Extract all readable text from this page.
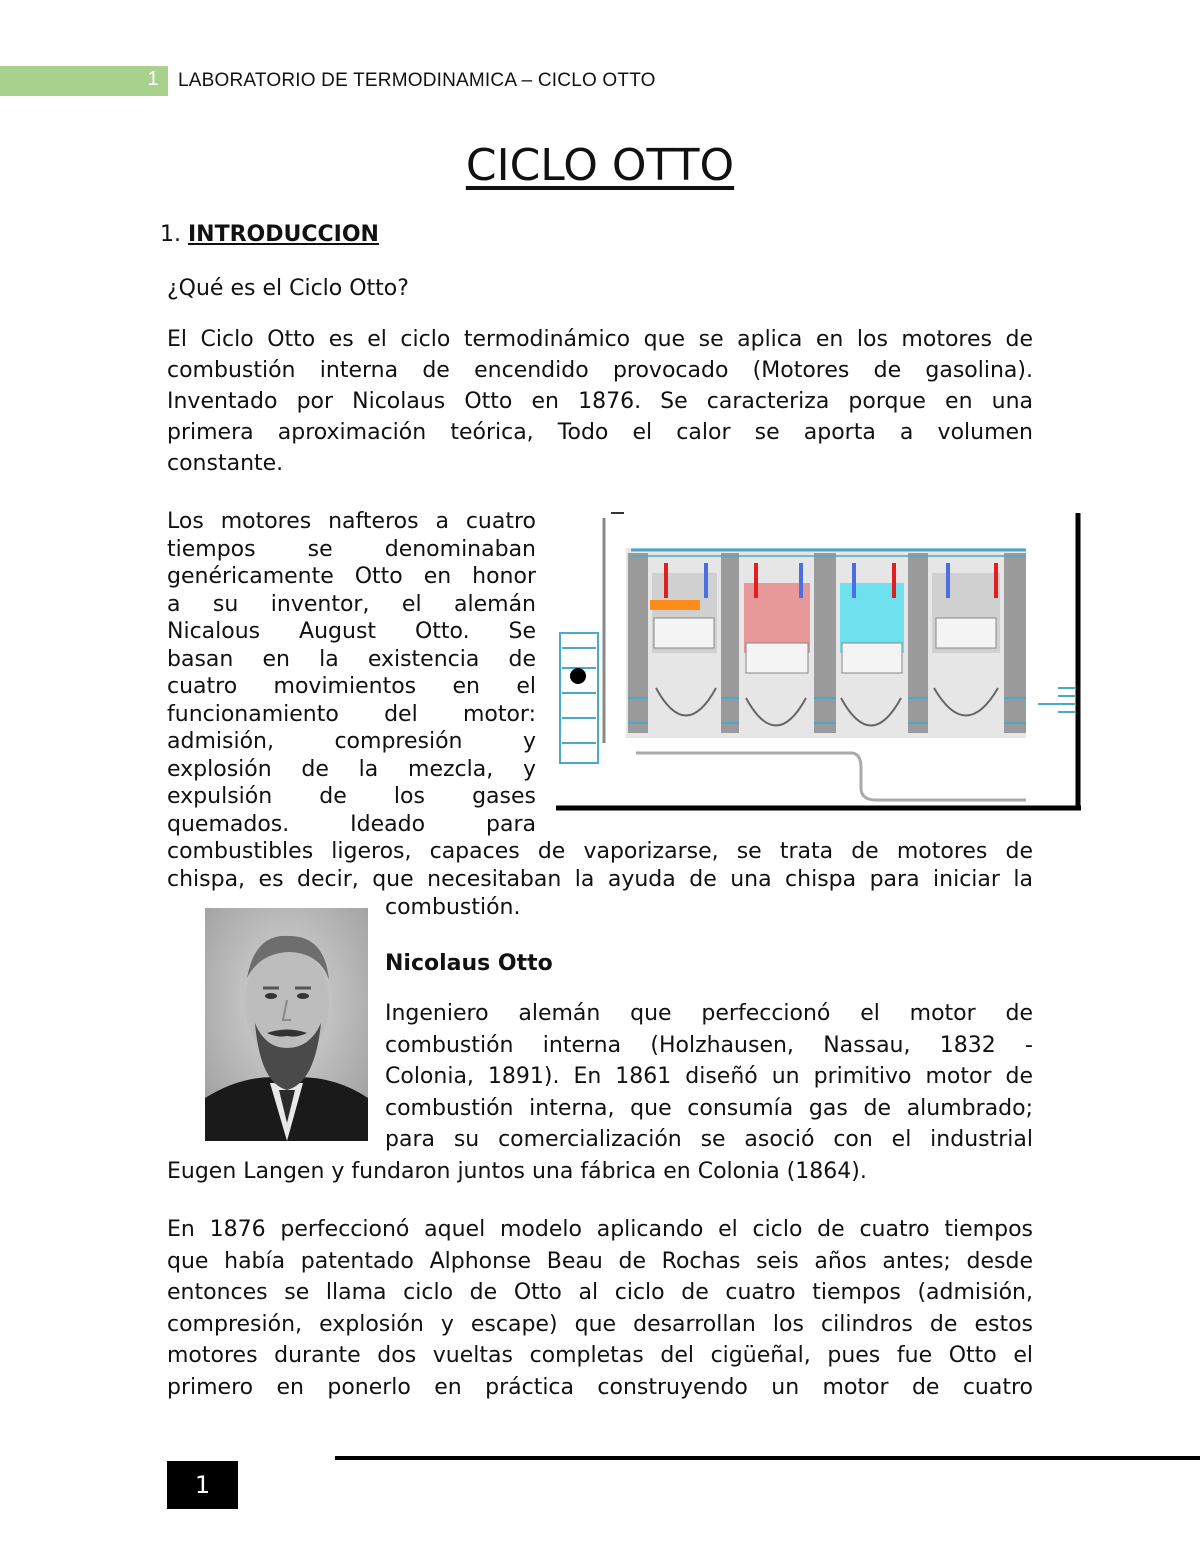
1	LABORATORIO DE TERMODINAMICA – CICLO OTTO
CICLO OTTO
1. INTRODUCCION
¿Qué es el Ciclo Otto?
El Ciclo Otto es el ciclo termodinámico que se aplica en los motores de
combustión interna de encendido provocado (Motores de gasolina).
Inventado por Nicolaus Otto en 1876. Se caracteriza porque en una
primera aproximación teórica, Todo el calor se aporta a volumen
constante.
Los motores nafteros a cuatro
tiempos se denominaban
genéricamente Otto en honor
a su inventor, el alemán
Nicalous August Otto. Se
basan en la existencia de
cuatro movimientos en el
funcionamiento del motor:
admisión, compresión y
explosión de la mezcla, y
expulsión de los gases
quemados. Ideado para
combustibles ligeros, capaces de vaporizarse, se trata de motores de
chispa, es decir, que necesitaban la ayuda de una chispa para iniciar la
combustión.
Nicolaus Otto
Ingeniero alemán que perfeccionó el motor de
combustión interna (Holzhausen, Nassau, 1832 -
Colonia, 1891). En 1861 diseñó un primitivo motor de
combustión interna, que consumía gas de alumbrado;
para su comercialización se asoció con el industrial
Eugen Langen y fundaron juntos una fábrica en Colonia (1864).
En 1876 perfeccionó aquel modelo aplicando el ciclo de cuatro tiempos
que había patentado Alphonse Beau de Rochas seis años antes; desde
entonces se llama ciclo de Otto al ciclo de cuatro tiempos (admisión,
compresión, explosión y escape) que desarrollan los cilindros de estos
motores durante dos vueltas completas del cigüeñal, pues fue Otto el
primero en ponerlo en práctica construyendo un motor de cuatro
1
